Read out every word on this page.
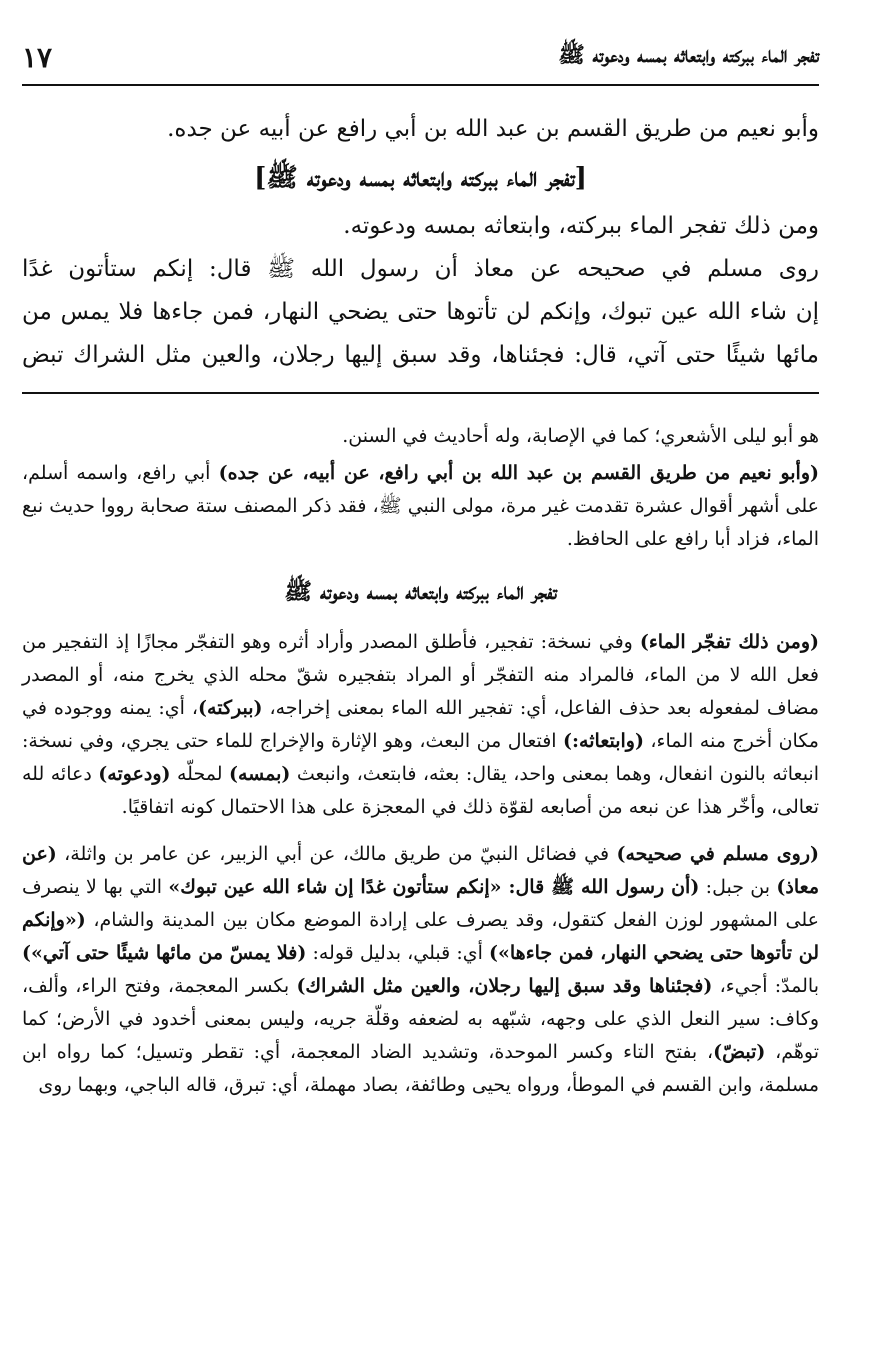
تفجر الماء ببركته وابتعاثه بمسه ودعوته ﷺ
١٧

وأبو نعيم من طريق القسم بن عبد الله بن أبي رافع عن أبيه عن جده.

[تفجر الماء ببركته وابتعاثه بمسه ودعوته ﷺ]

ومن ذلك تفجر الماء ببركته، وابتعاثه بمسه ودعوته.

روى مسلم في صحيحه عن معاذ أن رسول الله ﷺ قال: إنكم ستأتون غدًا

إن شاء الله عين تبوك، وإنكم لن تأتوها حتى يضحي النهار، فمن جاءها فلا يمس من

مائها شيئًا حتى آتي، قال: فجئناها، وقد سبق إليها رجلان، والعين مثل الشراك تبض

هو أبو ليلى الأشعري؛ كما في الإصابة، وله أحاديث في السنن.

(وأبو نعيم من طريق القسم بن عبد الله بن أبي رافع، عن أبيه، عن جده) أبي رافع، واسمه أسلم، على أشهر أقوال عشرة تقدمت غير مرة، مولى النبي ﷺ، فقد ذكر المصنف ستة صحابة رووا حديث نبع الماء، فزاد أبا رافع على الحافظ.

تفجر الماء ببركته وابتعاثه بمسه ودعوته ﷺ

(ومن ذلك تفجّر الماء) وفي نسخة: تفجير، فأطلق المصدر وأراد أثره وهو التفجّر مجازًا إذ التفجير من فعل الله لا من الماء، فالمراد منه التفجّر أو المراد بتفجيره شقّ محله الذي يخرج منه، أو المصدر مضاف لمفعوله بعد حذف الفاعل، أي: تفجير الله الماء بمعنى إخراجه، (ببركته)، أي: يمنه ووجوده في مكان أخرج منه الماء، (وابتعاثه:) افتعال من البعث، وهو الإثارة والإخراج للماء حتى يجري، وفي نسخة: انبعاثه بالنون انفعال، وهما بمعنى واحد، يقال: بعثه، فابتعث، وانبعث (بمسه) لمحلّه (ودعوته) دعائه لله تعالى، وأخّر هذا عن نبعه من أصابعه لقوّة ذلك في المعجزة على هذا الاحتمال كونه اتفاقيًا.

(روى مسلم في صحيحه) في فضائل النبيّ من طريق مالك، عن أبي الزبير، عن عامر بن واثلة، (عن معاذ) بن جبل: (أن رسول الله ﷺ قال: «إنكم ستأتون غدًا إن شاء الله عين تبوك» التي بها لا ينصرف على المشهور لوزن الفعل كتقول، وقد يصرف على إرادة الموضع مكان بين المدينة والشام، («وإنكم لن تأتوها حتى يضحي النهار، فمن جاءها») أي: قبلي، بدليل قوله: (فلا يمسّ من مائها شيئًا حتى آتي») بالمدّ: أجيء، (فجئناها وقد سبق إليها رجلان، والعين مثل الشراك) بكسر المعجمة، وفتح الراء، وألف، وكاف: سير النعل الذي على وجهه، شبّهه به لضعفه وقلّة جريه، وليس بمعنى أخدود في الأرض؛ كما توهّم، (تبضّ)، بفتح التاء وكسر الموحدة، وتشديد الضاد المعجمة، أي: تقطر وتسيل؛ كما رواه ابن مسلمة، وابن القسم في الموطأ، ورواه يحيى وطائفة، بصاد مهملة، أي: تبرق، قاله الباجي، وبهما روى
